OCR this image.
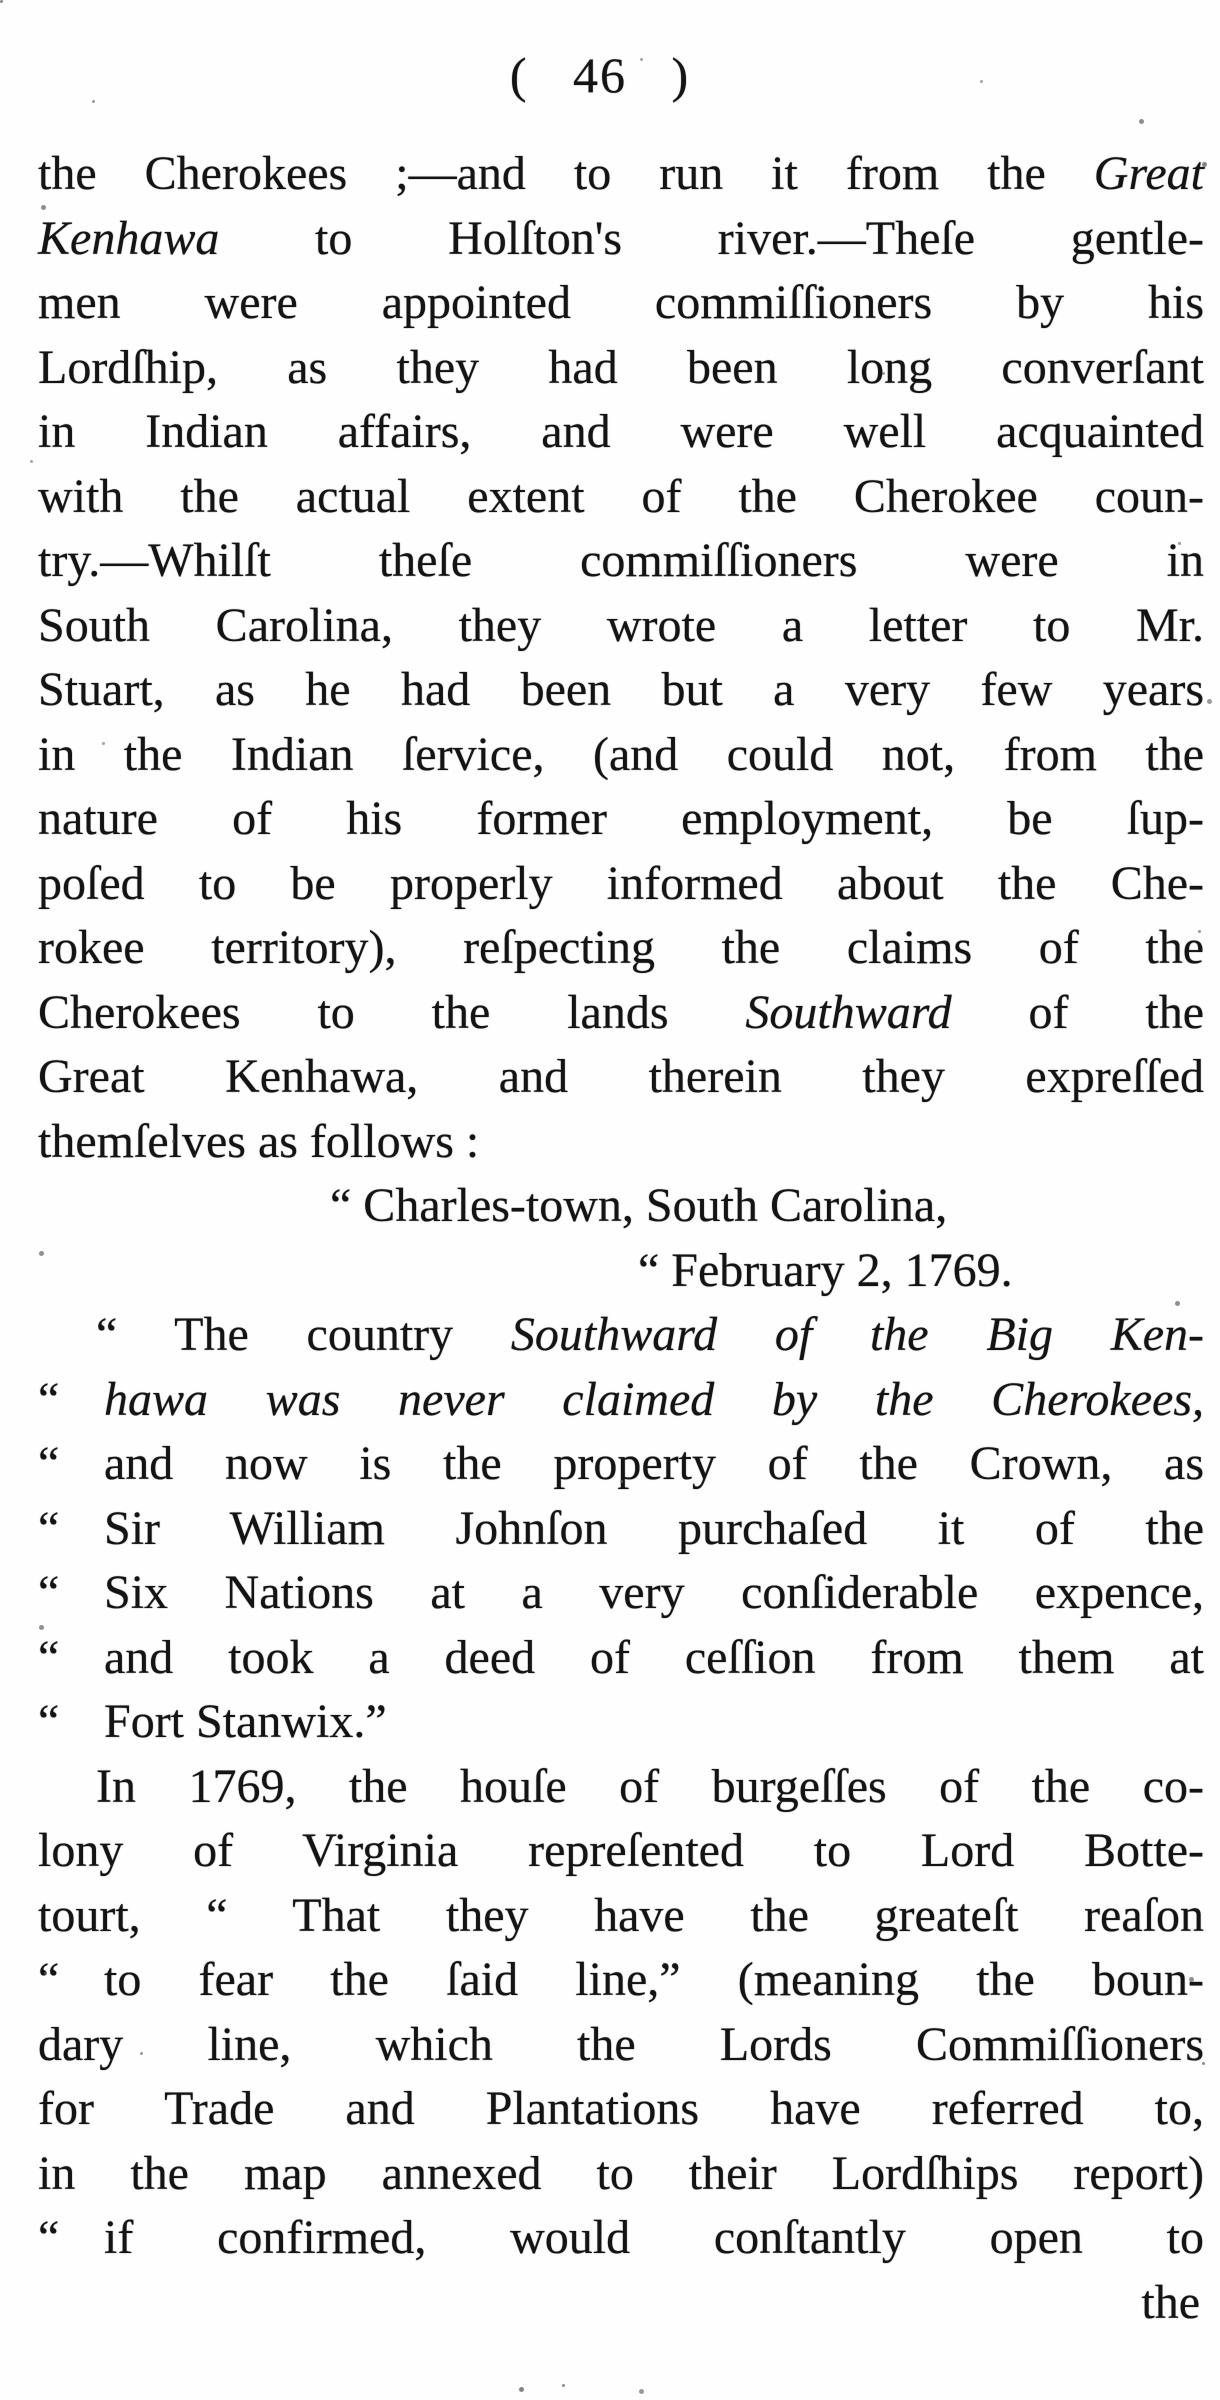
( 46 )
the Cherokees ;—and to run it from the Great
Kenhawa to Holſton's river.—Theſe gentle-
men were appointed commiſſioners by his
Lordſhip, as they had been long converſant
in Indian affairs, and were well acquainted
with the actual extent of the Cherokee coun-
try.—Whilſt theſe commiſſioners were in
South Carolina, they wrote a letter to Mr.
Stuart, as he had been but a very few years
in the Indian ſervice, (and could not, from the
nature of his former employment, be ſup-
poſed to be properly informed about the Che-
rokee territory), reſpecting the claims of the
Cherokees to the lands Southward of the
Great Kenhawa, and therein they expreſſed
themſelves as follows :
“ Charles-town, South Carolina,
“ February 2, 1769.
“ The country Southward of the Big Ken-
“ hawa was never claimed by the Cherokees,
“ and now is the property of the Crown, as
“ Sir William Johnſon purchaſed it of the
“ Six Nations at a very conſiderable expence,
“ and took a deed of ceſſion from them at
“ Fort Stanwix.”
In 1769, the houſe of burgeſſes of the co-
lony of Virginia repreſented to Lord Botte-
tourt, “ That they have the greateſt reaſon
“ to fear the ſaid line,” (meaning the boun-
dary line, which the Lords Commiſſioners
for Trade and Plantations have referred to,
in the map annexed to their Lordſhips report)
“ if confirmed, would conſtantly open to
the
